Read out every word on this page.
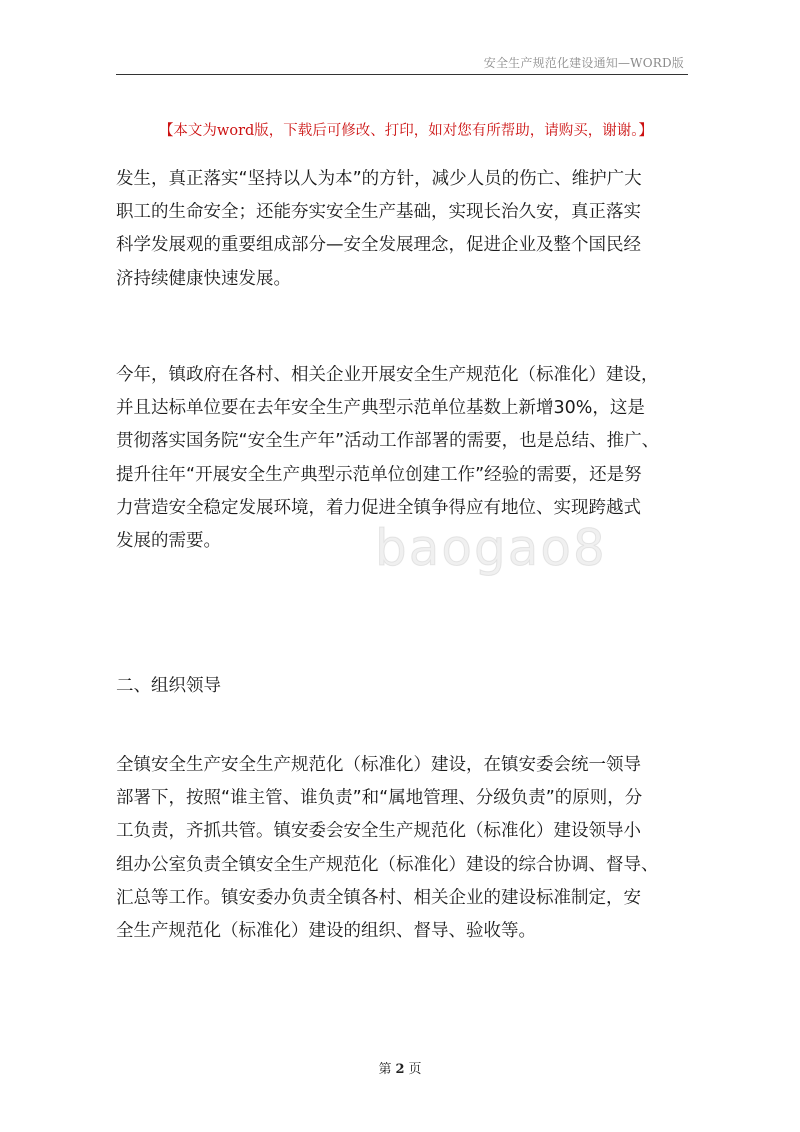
安全生产规范化建设通知—WORD版
【本文为word版，下载后可修改、打印，如对您有所帮助，请购买，谢谢。】
baogao8
发生，真正落实“坚持以人为本”的方针，减少人员的伤亡、维护广大
职工的生命安全；还能夯实安全生产基础，实现长治久安，真正落实
科学发展观的重要组成部分—安全发展理念，促进企业及整个国民经
济持续健康快速发展。
今年，镇政府在各村、相关企业开展安全生产规范化（标准化）建设，
并且达标单位要在去年安全生产典型示范单位基数上新增30%，这是
贯彻落实国务院“安全生产年”活动工作部署的需要，也是总结、推广、
提升往年“开展安全生产典型示范单位创建工作”经验的需要，还是努
力营造安全稳定发展环境，着力促进全镇争得应有地位、实现跨越式
发展的需要。
二、组织领导
全镇安全生产安全生产规范化（标准化）建设，在镇安委会统一领导
部署下，按照“谁主管、谁负责”和“属地管理、分级负责”的原则，分
工负责，齐抓共管。镇安委会安全生产规范化（标准化）建设领导小
组办公室负责全镇安全生产规范化（标准化）建设的综合协调、督导、
汇总等工作。镇安委办负责全镇各村、相关企业的建设标准制定，安
全生产规范化（标准化）建设的组织、督导、验收等。
第 2 页
